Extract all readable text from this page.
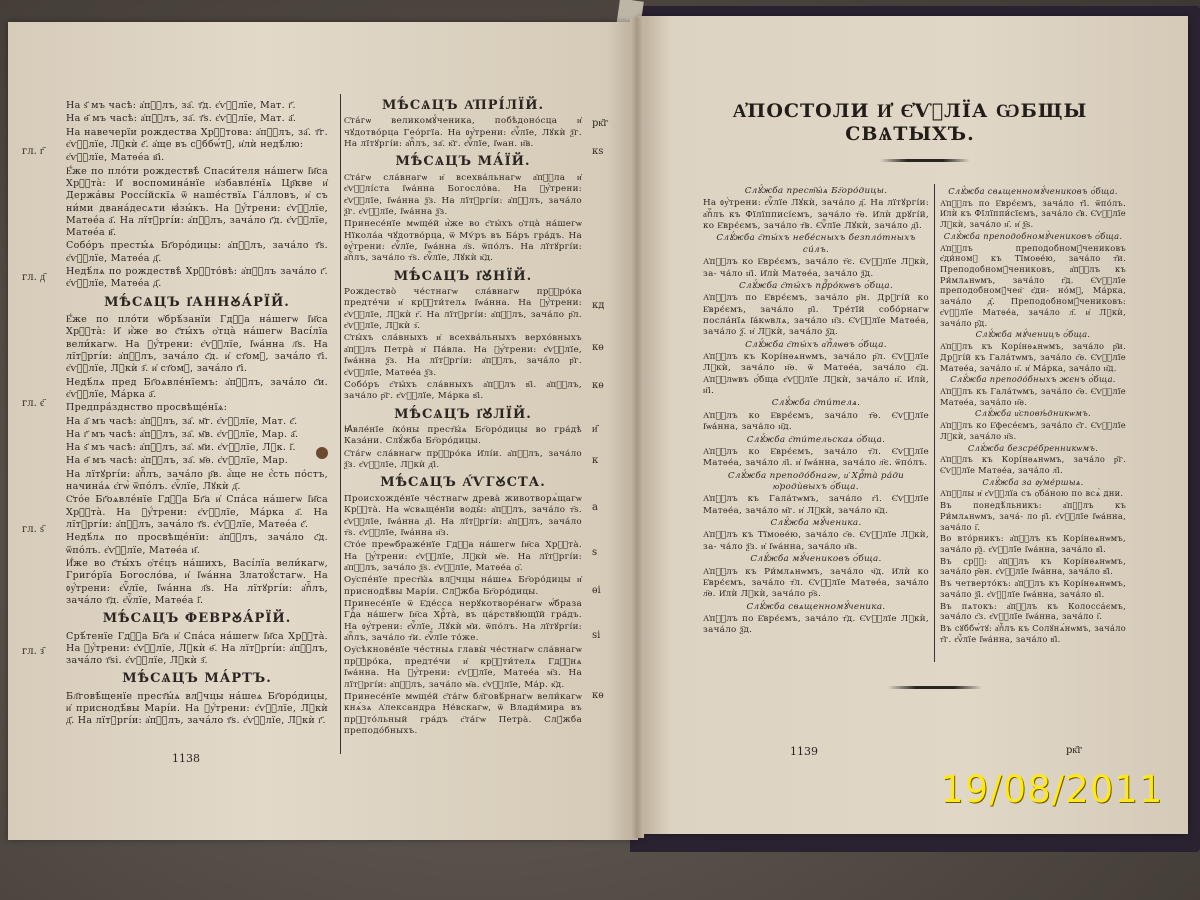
На ѕ҃ мъ часѣ: а҆пⷭ҇лъ, за҄. т҃д. є҆ѵⷢ҇лїе, Мат. г҃.

На ѳ҃ мъ часѣ: а҆пⷭ҇лъ, за҄. т҃ѕ. є҆ѵⷢ҇лїе, Мат. а҃.

На навечерїи рождества Хрⷭ҇това: а҆пⷭ҇лъ, за҄. т҃г. є҆ѵⷢ҇лїе, Лꙋкѝ є҃. а҆ще въ сꙋббѡ́тꙋ, и҆лѝ недѣ́лю:

є҆ѵⷢ҇лїе, Матѳе́а в҃і.

Е҆́же по пло́ти рождествѣ̀ Спаси́теля на́шегѡ І҆и҃са Хрⷭ҇та̀: И҆ воспомина́нїе и҆збавле́нїѧ Цр҃кве и҆ Держа́вы Россі́йскїѧ ѿ наше́ствїѧ Га́лловъ, и҆ съ ни́ми двана́десѧти ꙗ҆зы́къ. На ᲂу҆́трени: є҆ѵⷢ҇лїе, Матѳе́а а҃. На лїтꙋргі́и: а҆пⷭ҇лъ, зача́ло г҃д. є҆ѵⷢ҇лїе, Матѳе́а в҃.

Собо́ръ престы́ѧ Бг҃оро́дицы: а҆пⷭ҇лъ, зача́ло т҃ѕ. є҆ѵⷢ҇лїе, Матѳе́а д҃.

Недѣ́лѧ по рождествѣ̀ Хрⷭ҇то́вѣ: а҆пⷭ҇лъ зача́ло г҃. є҆ѵⷢ҇лїе, Матѳе́а д҃.

МѢ́СѦЦЪ І҆АННꙊА́РЇЙ.

Е҆́же по пло́ти ѡ҆брѣ́занїи Гдⷭ҇а на́шегѡ І҆и҃са Хрⷭ҇та̀: И҆ и҆̀же во с҃ты́хъ ѻ҆тца̀ на́шегѡ Васі́лїа вели́кагѡ. На ᲂу҆́трени: є҆ѵⷢ҇лїе, І҆ѡа́нна л҃ѕ. На лїтꙋргі́и: а҆пⷭ҇лъ, зача́ло с҃д. и҆ ст҃ом꙽, зача́ло т҃і. є҆ѵⷢ҇лїе, Лꙋкѝ з҃. и҆ ст҃ом꙽, зача́ло г҃і.

Недѣ́лѧ пред Бг҃оѧвле́нїемъ: а҆пⷭ҇лъ, зача́ло с҃и. є҆ѵⷢ҇лїе, Ма́рка а҃.

Предпра́зднство просвѣще́нїѧ:

На а҃ мъ часѣ: а҆пⷭ҇лъ, за҄. м҃г. є҆ѵⷢ҇лїе, Мат. є҃.

На г҃ мъ часѣ: а҆пⷭ҇лъ, за҄. м҃в. є҆ѵⷢ҇лїе, Мар. а҃.

На ѕ҃ мъ часѣ: а҆пⷭ҇лъ, за҄. м҃и. є҆ѵⷢ҇лїе, Лꙋк. і҃.

На ѳ҃ мъ часѣ: а҆пⷭ҇лъ, за҄. м҃ѳ. є҆ѵⷢ҇лїе, Мар.

На лїтꙋргі́и: а҆пⷭ҇лъ, зача́ло р҃в. а҆́ще не є҆́сть по́стъ, начина́ѧ є҆гѡ̀ ѿпо́лъ. є҆ѵⷢ҇лїе, Лꙋкѝ д҃.

С҃то́е Бг҃оѧвле́нїе Гдⷭ҇а Бг҃а и҆ Спа́са на́шегѡ І҆и҃са Хрⷭ҇та̀. На ᲂу҆́трени: є҆ѵⷢ҇лїе, Ма́рка а҃. На лїтꙋргі́и: а҆пⷭ҇лъ, зача́ло т҃ѕ. є҆ѵⷢ҇лїе, Матѳе́а є҃.

Недѣ́лѧ по просвѣще́нїи: а҆пⷭ҇лъ, зача́ло с҃д. ѿпо́лъ. є҆ѵⷢ҇лїе, Матѳе́а и҃.

И҆́же во с҃ты́хъ ѻ҆тє́цъ на́шихъ, Васі́лїа вели́кагѡ, Григо́рїа Богосло́ва, и҆ І҆ѡа́нна Златоꙋ́стагѡ. На ᲂу҆́трени: є҆ѵⷢ҇лїе, І҆ѡа́нна л҃ѕ. На лїтꙋргі́и: а҆пⷭ҇лъ, зача́ло т҃д. є҆ѵⷢ҇лїе, Матѳе́а і҃.

МѢ́СѦЦЪ ФЕВРꙊА́РЇЙ.

Срѣ́тенїе Гдⷭ҇а Бг҃а и҆ Спа́са на́шегѡ І҆и҃са Хрⷭ҇та̀. На ᲂу҆́трени: є҆ѵⷢ҇лїе, Лꙋкѝ ѳ҃. На лїтꙋргі́и: а҆пⷭ҇лъ, зача́ло т҃ѕі. є҆ѵⷢ҇лїе, Лꙋкѝ з҃.

МѢ́СѦЦЪ МА́РТЪ.

Бл҃говѣ́щенїе прест҃ы́ѧ влⷣчцы на́шеѧ Бг҃оро́дицы, и҆ приснодѣ́вы Марі́и. На ᲂу҆́трени: є҆ѵⷢ҇лїе, Лꙋкѝ д҃. На лїтꙋргі́и: а҆пⷭ҇лъ, зача́ло т҃ѕ. є҆ѵⷢ҇лїе, Лꙋкѝ г҃.

МѢ́СѦЦЪ А҆ПРІ́ЛЇЙ.

С҃та́гѡ великомꙋ́ченика, побѣдоно́сца и҆ чꙋдотво́рца Гео́ргїа. На ᲂу҆́трени: є҆ѵⷢ҇лїе, Лꙋкѝ ѯ҃г. На лїтꙋргі́и: а҆пⷭ҇лъ, за҄. к҃г. є҆ѵⷢ҇лїе, І҆ѡан. н҃в.

МѢ́СѦЦЪ МА́ЇЙ.

С҃та́гѡ сла́внагѡ и҆ всехва́льнагѡ а҆пⷭ҇ла и҆ є҆ѵⷢ҇лі́ста І҆ѡа́нна Богосло́ва. На ᲂу҆́трени: є҆ѵⷢ҇лїе, І҆ѡа́нна ѯ҃з. На лїтꙋргі́и: а҆пⷭ҇лъ, зача́ло ѯ҃г. є҆ѵⷢ҇лїе, І҆ѡа́нна ѯ҃з.

Принесе́нїе мѡще́й и҆̀же во с҃ты́хъ ѻ҆тца̀ на́шегѡ Нїкола́а чꙋдотво́рца, ѿ Мѵ́ръ въ Ба́ръ гра́дъ. На ᲂу҆́трени: є҆ѵⷢ҇лїе, І҆ѡа́нна л҃ѕ. ѿпо́лъ. На лїтꙋргі́и: а҆пⷭ҇лъ, зача́ло т҃ѕ. є҆ѵⷢ҇лїе, Лꙋкѝ к҃д.

МѢ́СѦЦЪ І҆Ꙋ́НЇЙ.

Рождество̀ че́стнагѡ сла́внагѡ прⷪ҇ро́ка предте́чи и҆ крⷭ҇ти́телѧ І҆ѡа́нна. На ᲂу҆́трени: є҆ѵⷢ҇лїе, Лꙋкѝ г҃. На лїтꙋргі́и: а҆пⷭ҇лъ, зача́ло р҃л. є҆ѵⷢ҇лїе, Лꙋкѝ з҃.

С҃ты́хъ сла́вныхъ и҆ всехва́льныхъ верхо́вныхъ а҆пⷭ҇лъ Петра̀ и҆ Па́вла. На ᲂу҆́трени: є҆ѵⷢ҇лїе, І҆ѡа́нна ѯ҃з. На лїтꙋргі́и: а҆пⷭ҇лъ, зача́ло р҃г. є҆ѵⷢ҇лїе, Матѳе́а ѯ҃з.

Собо́ръ с҃ты́хъ сла́вныхъ а҆пⷭ҇лъ в҃і. а҆пⷭ҇лъ, зача́ло р҃г. є҆ѵⷢ҇лїе, Ма́рка в҃і.

МѢ́СѦЦЪ І҆Ꙋ́ЛЇЙ.

Ꙗ҆вле́нїе і҆ко́ны прест҃ы́ѧ Бг҃оро́дицы во гра́дѣ Каза́ни. Слꙋ́жба Бг҃оро́дицы.

С҃та́гѡ сла́внагѡ прⷪ҇ро́ка И҆лі́и. а҆пⷭ҇лъ, зача́ло ѯ҃з. є҆ѵⷢ҇лїе, Лꙋкѝ д҃і.

МѢ́СѦЦЪ А҆́ѴГꙊСТА.

Происхожде́нїе че́стнагѡ древа̀ животворѧ́щагѡ Крⷭ҇та̀. На ѡ҆свѧще́нїи воды̀: а҆пⷭ҇лъ, зача́ло т҃ѕ. є҆ѵⷢ҇лїе, І҆ѡа́нна д҃і. На лїтꙋргі́и: а҆пⷭ҇лъ, зача́ло т҃ѕ. є҆ѵⷢ҇лїе, І҆ѡа́нна н҃з.

С҃то́е преѡбраже́нїе Гдⷭ҇а на́шегѡ І҆и҃са Хрⷭ҇та̀. На ᲂу҆́трени: є҆ѵⷢ҇лїе, Лꙋкѝ м҃е. На лїтꙋргі́и: а҆пⷭ҇лъ, зача́ло ѯ҃ѕ. є҆ѵⷢ҇лїе, Матѳе́а ѻ҃.

Оу҆спе́нїе прест҃ы́ѧ влⷣчцы на́шеѧ Бг҃оро́дицы и҆ приснодѣ́вы Марі́и. Слꙋ́жба Бг҃оро́дицы.

Принесе́нїе ѿ Е҆де́сса нерꙋкотворе́нагѡ ѡ҆́браза Гдⷭ҇а на́шегѡ І҆и҃са Хрⷭ҇та̀, въ ца́рствꙋющїй гра́дъ. На ᲂу҆́трени: є҆ѵⷢ҇лїе, Лꙋкѝ м҃и. ѿпо́лъ. На лїтꙋргі́и: а҆пⷭ҇лъ, зача́ло т҃и. є҆ѵⷢ҇лїе то́же.

Оу҆сѣкнове́нїе че́стныѧ главы̀ че́стнагѡ сла́внагѡ прⷪ҇ро́ка, предте́чи и҆ крⷭ҇ти́телѧ Гдⷭ҇нѧ І҆ѡа́нна. На ᲂу҆́трени: є҆ѵⷢ҇лїе, Матѳе́а м҃з. На лїтꙋргі́и: а҆пⷭ҇лъ, зача́ло м҃а. є҆ѵⷢ҇лїе, Ма́р. к҃д.

Принесе́нїе мѡще́й с҃та́гѡ бл҃говѣ́рнагѡ вели́кагѡ кнѧ́зѧ А҆лександра Не́вскагѡ, ѿ Влади́мира въ прⷭ҇то́льный гра́дъ с҃та́гѡ Петра̀. Слꙋ́жба преподо́бныхъ.

гл. г҃
гл. д҃
гл. є҃
гл. ѕ҃
гл. з҃
рк҃г
кѕ
кд
кѳ
кѳ
и҃
к
а
ѕ
ѳі
ѕі
кѳ
1138
А҆ПОСТОЛИ И҆ Є҆ѴⷢЛЇА ѠБЩЫ СВѦТЫХЪ.

Слꙋ́жба прест҃ы́ѧ Бг҃оро́дицы.

На ᲂу҆́трени: є҆ѵⷢ҇лїе Лꙋкѝ, зача́ло д҃. На лїтꙋргі́и: а҆пⷭ҇лъ къ Фїлїпписі́ємъ, зача́ло т҃ѳ. И҆лѝ дрꙋгі́й, ко Е҆врє́ємъ, зача́ло т҃в. Є҆ѵⷢ҇лїе Лꙋкѝ, зача́ло д҃і.

Слꙋ́жба с҃ты́хъ небе́сныхъ безпло́тныхъ си́лъ.

А҆пⷭ҇лъ ко Е҆врє́ємъ, зача́ло т҃є. Є҆ѵⷢ҇лїе Лꙋкѝ, за- ча́ло н҃і. И҆лѝ Матѳе́а, зача́ло ѯ҃д.

Слꙋ́жба с҃ты́хъ прⷪ҇ро́кѡвъ ѻ҆́бща.

А҆пⷭ҇лъ по Е҆врє́ємъ, зача́ло р҃н. Дрꙋгі́й ко Е҆врє́ємъ, зача́ло р҃і. Тре́тїй собо́рнагѡ посла́нїѧ І҆а́кѡвлѧ, зача́ло н҃з. Є҆ѵⷢ҇лїе Матѳе́а, зача́ло ѯ҃. и҆ Лꙋкѝ, зача́ло ѯ҃д.

Слꙋ́жба с҃ты́хъ а҆пⷭ҇лѡвъ ѻ҆́бща.

А҆пⷭ҇лъ къ Корі́нѳѧнѡмъ, зача́ло р҃л. Є҆ѵⷢ҇лїе Лꙋкѝ, зача́ло н҃ѳ. ѿ Матѳе́а, зача́ло с҃д. А҆пⷭ҇лѡвъ ѻ҆́бща є҆ѵⷢ҇лїе Лꙋкѝ, зача́ло н҃. И҆лѝ, н҃і.

Слꙋ́жба с҃ти́телѧ.

А҆пⷭ҇лъ ко Е҆врє́ємъ, зача́ло т҃ѳ. Є҆ѵⷢ҇лїе І҆ѡа́нна, зача́ло н҃д.

Слꙋ́жба с҃ти́тельскаѧ ѻ҆́бща.

А҆пⷭ҇лъ ко Е҆врє́ємъ, зача́ло т҃л. Є҆ѵⷢ҇лїе Матѳе́а, зача́ло л҃і. и҆ І҆ѡа́нна, зача́ло л҃є. ѿпо́лъ.

Слꙋ́жба преподо́бнагѡ, и҆ Хрⷭ҇та̀ ра́ди ю҆родѝвыхъ ѻ҆́бща.

А҆пⷭ҇лъ къ Гала́тѡмъ, зача́ло г҃і. Є҆ѵⷢ҇лїе Матѳе́а, зача́ло м҃г. и҆ Лꙋкѝ, зача́ло к҃д.

Слꙋ́жба мꙋ́ченика.

А҆пⷭ҇лъ къ Тїмоѳе́ю, зача́ло с҃ѳ. Є҆ѵⷢ҇лїе Лꙋкѝ, за- ча́ло ѯ҃з. и҆ І҆ѡа́нна, зача́ло н҃в.

Слꙋ́жба мꙋ́чениковъ ѻ҆́бща.

А҆пⷭ҇лъ къ Ри́млѧнѡмъ, зача́ло ч҃д. И҆лѝ ко Е҆врє́ємъ, зача́ло т҃л. Є҆ѵⷢ҇лїе Матѳе́а, зача́ло л҃ѳ. И҆лѝ Лꙋкѝ, зача́ло р҃ѕ.

Слꙋ́жба свѧщенномꙋ́ченика.

А҆пⷭ҇лъ по Е҆врє́ємъ, зача́ло т҃д. Є҆ѵⷢ҇лїе Лꙋкѝ, зача́ло ѯ҃д.

Слꙋ́жба свѧщенномꙋ́чениковъ ѻ҆́бща.

А҆пⷭ҇лъ по Е҆врє́ємъ, зача́ло т҃і. ѿпо́лъ. И҆лѝ къ Фїлїппи́сїємъ, зача́ло с҃в. Є҆ѵⷢ҇лїе Лꙋкѝ, зача́ло н҃. и҆ ѯ҃ѕ.

Слꙋ́жба преподобномꙋ́чениковъ ѻ҆́бща.

А҆пⷭ҇лъ преподобномꙋ́чениковъ є҆ди́номꙋ къ Тїмоѳе́ю, зача́ло т҃и. Преподобномꙋ́чениковъ, а҆пⷭ҇лъ къ Ри́млѧнѡмъ, зача́ло г҃д. Є҆ѵⷢ҇лїе преподобномꙋ́чен҇ є҆ди- но́мꙋ, Ма́рка, зача́ло д҃. Преподобномꙋ́чениковъ: є҆ѵⷢ҇лїе Матѳе́а, зача́ло л҃. и҆ Лꙋкѝ, зача́ло р҃д.

Слꙋ́жба мꙋ́ченицъ ѻ҆́бща.

А҆пⷭ҇лъ къ Корі́нѳѧнѡмъ, зача́ло р҃и. Дрꙋгі́й къ Гала́тѡмъ, зача́ло с҃ѳ. Є҆ѵⷢ҇лїе Матѳе́а, зача́ло н҃. и҆ Ма́рка, зача́ло н҃д.

Слꙋ́жба преподо́бныхъ жєнъ ѻ҆́бща.

А҆пⷭ҇лъ къ Гала́тѡмъ, зача́ло с҃ѳ. Є҆ѵⷢ҇лїе Матѳе́а, зача́ло н҃ѳ.

Слꙋ́жба и҆сповѣ́дникѡмъ.

А҆пⷭ҇лъ ко Е҆фесе́ємъ, зача́ло с҃г. Є҆ѵⷢ҇лїе Лꙋкѝ, зача́ло н҃ѕ.

Слꙋ́жба безсре́бренникѡмъ.

А҆пⷭ҇лъ къ Корі́нѳѧнѡмъ, зача́ло р҃г. Є҆ѵⷢ҇лїе Матѳе́а, зача́ло л҃і.

Слꙋ́жба за ᲂу҆ме́ршыѧ.

А҆пⷭ҇лы и҆ є҆ѵⷢ҇лїа съ ѻ҆ба́ною по всѧ̀ дни.

Въ понедѣ́льникъ: а҆пⷭ҇лъ къ Ри́млѧнѡмъ, зача́- ло р҃і. є҆ѵⷢ҇лїе І҆ѡа́нна, зача́ло і҃.

Во вто́рникъ: а҆пⷭ҇лъ къ Корі́нѳѧнѡмъ, зача́ло р҃ѯ. є҆ѵⷢ҇лїе І҆ѡа́нна, зача́ло в҃і.

Въ срⷣꙋ: а҆пⷭ҇лъ къ Корі́нѳѧнѡмъ, зача́ло р҃ѳн. є҆ѵⷢ҇лїе І҆ѡа́нна, зача́ло в҃і.

Въ четверто́къ: а҆пⷭ҇лъ къ Корі́нѳѧнѡмъ, зача́ло ѯ҃і. є҆ѵⷢ҇лїе І҆ѡа́нна, зача́ло в҃і.

Въ пѧтокъ: а҆пⷭ҇лъ къ Колосса́ємъ, зача́ло с҃з. є҆ѵⷢ҇лїе І҆ѡа́нна, зача́ло і҃.

Въ сꙋббѡ́тꙋ: а҆пⷭ҇лъ къ Солꙋнѧ́нѡмъ, зача́ло т҃г. є҆ѵⷢ҇лїе І҆ѡа́нна, зача́ло в҃і.

1139	рк҃г
19/08/2011
